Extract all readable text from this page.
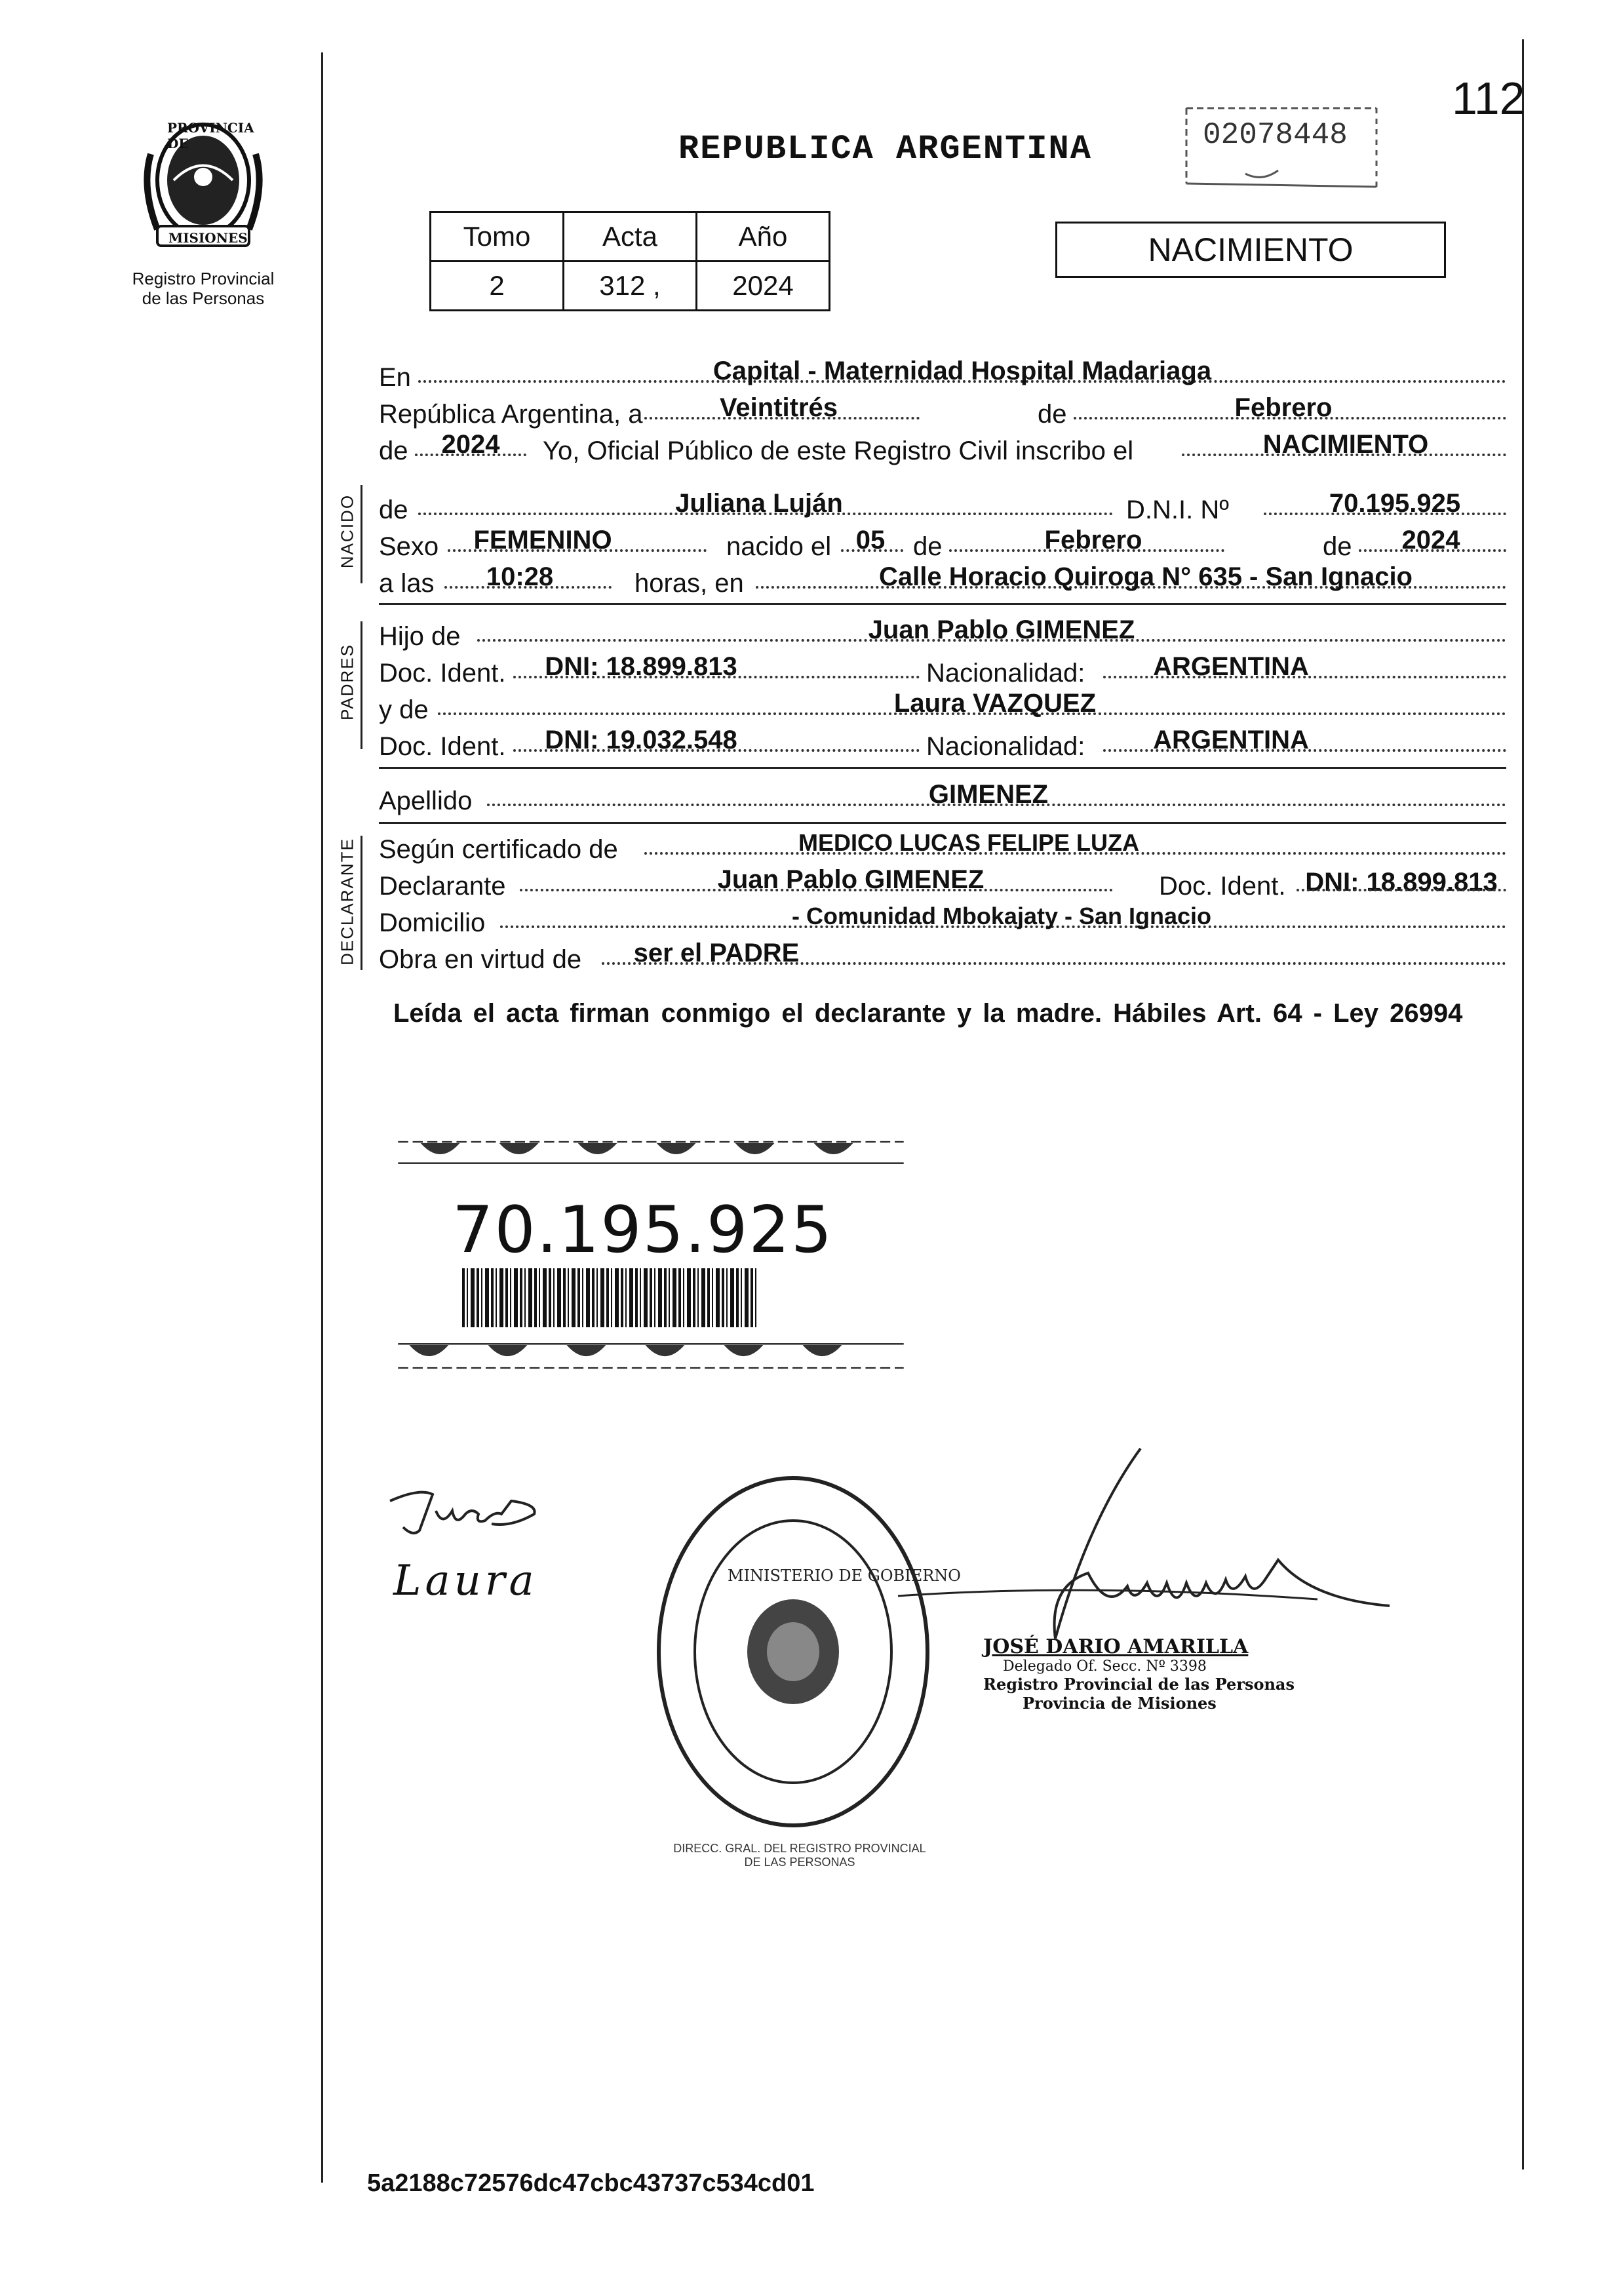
PROVINCIA DE
MISIONES
Registro Provincial
de las Personas
REPUBLICA ARGENTINA	02078448
112
Tomo	Acta	Año
2	312 ,	2024
NACIMIENTO
En	Capital - Maternidad Hospital Madariaga
República Argentina, a	Veintitrés	de	Febrero
de	2024	Yo, Oficial Público de este Registro Civil inscribo el	NACIMIENTO
NACIDO de	Juliana Luján	D.N.I. Nº	70.195.925
Sexo	FEMENINO	nacido el 05	de	Febrero	de	2024
a las	10:28	horas, en	Calle Horacio Quiroga N° 635 - San Ignacio
PADRES
Hijo de	Juan Pablo GIMENEZ
Doc. Ident.	DNI: 18.899.813	Nacionalidad:	ARGENTINA
y de	Laura VAZQUEZ
Doc. Ident.	DNI: 19.032.548	Nacionalidad:	ARGENTINA
Apellido	GIMENEZ
DECLARANTE Según certificado de	MEDICO LUCAS FELIPE LUZA
Declarante	Juan Pablo GIMENEZ	Doc. Ident. DNI: 18.899.813
Domicilio	- Comunidad Mbokajaty - San Ignacio
Obra en virtud de	ser el PADRE
Leída el acta firman conmigo el declarante y la madre. Hábiles Art. 64 - Ley 26994
70.195.925
Laura
DIRECC. GRAL. DEL REGISTRO PROVINCIAL DE LAS PERSONAS
MINISTERIO DE GOBIERNO
JOSÉ DARIO AMARILLA
Delegado Of. Secc. Nº 3398
Registro Provincial de las Personas
Provincia de Misiones
5a2188c72576dc47cbc43737c534cd01
